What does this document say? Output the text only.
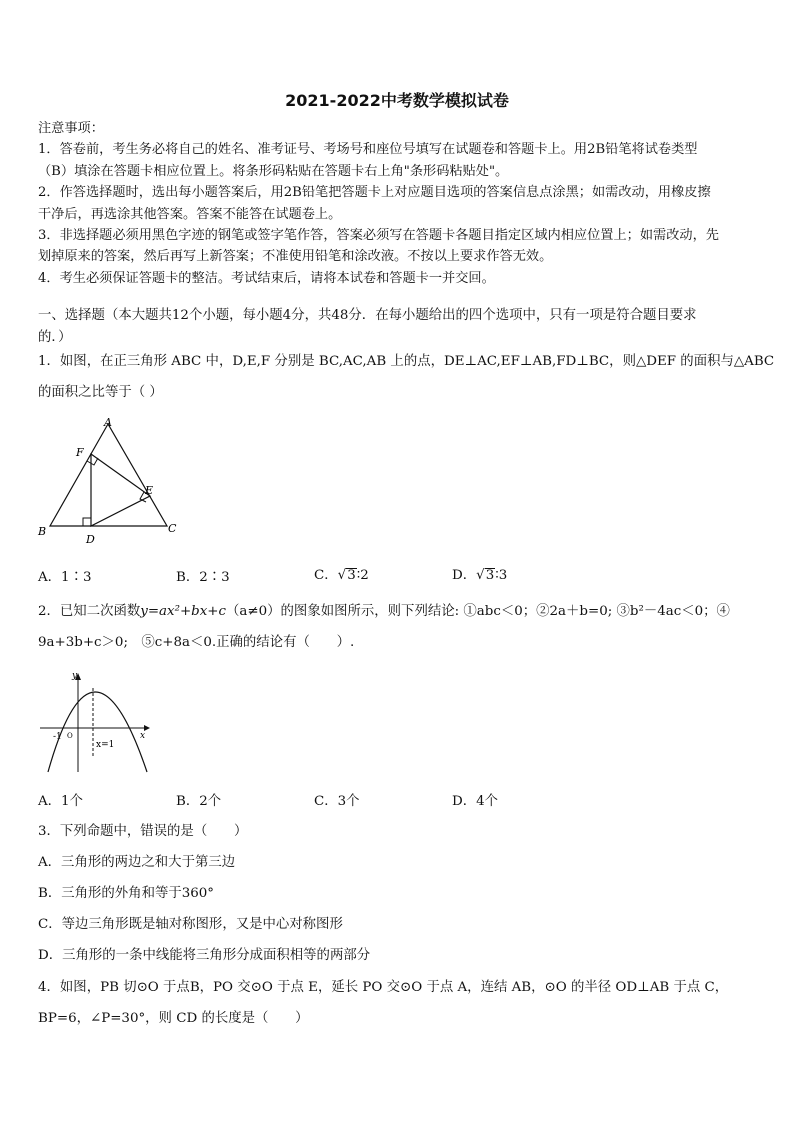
2021-2022中考数学模拟试卷
注意事项：
1．答卷前，考生务必将自己的姓名、准考证号、考场号和座位号填写在试题卷和答题卡上。用2B铅笔将试卷类型
（B）填涂在答题卡相应位置上。将条形码粘贴在答题卡右上角"条形码粘贴处"。
2．作答选择题时，选出每小题答案后，用2B铅笔把答题卡上对应题目选项的答案信息点涂黑；如需改动，用橡皮擦
干净后，再选涂其他答案。答案不能答在试题卷上。
3．非选择题必须用黑色字迹的钢笔或签字笔作答，答案必须写在答题卡各题目指定区域内相应位置上；如需改动，先
划掉原来的答案，然后再写上新答案；不准使用铅笔和涂改液。不按以上要求作答无效。
4．考生必须保证答题卡的整洁。考试结束后，请将本试卷和答题卡一并交回。
一、选择题（本大题共12个小题，每小题4分，共48分．在每小题给出的四个选项中，只有一项是符合题目要求
的．）
1．如图，在正三角形 ABC 中，D,E,F 分别是 BC,AC,AB 上的点，DE⊥AC,EF⊥AB,FD⊥BC，则△DEF 的面积与△ABC
的面积之比等于（ ）
A
B	C
D
E
F
A．1∶3	B．2∶3	C．√3∶2	D．√3∶3
2．已知二次函数y=ax²+bx+c（a≠0）的图象如图所示，则下列结论: ①abc＜0；②2a＋b=0; ③b²－4ac＜0；④
9a+3b+c＞0;　⑤c+8a＜0.正确的结论有（　　）.
y
x
-1 O
x=1
A．1个	B．2个	C．3个	D．4个
3．下列命题中，错误的是（　　）
A．三角形的两边之和大于第三边
B．三角形的外角和等于360°
C．等边三角形既是轴对称图形，又是中心对称图形
D．三角形的一条中线能将三角形分成面积相等的两部分
4．如图，PB 切⊙O 于点B，PO 交⊙O 于点 E，延长 PO 交⊙O 于点 A，连结 AB，⊙O 的半径 OD⊥AB 于点 C，
BP=6，∠P=30°，则 CD 的长度是（　　）
